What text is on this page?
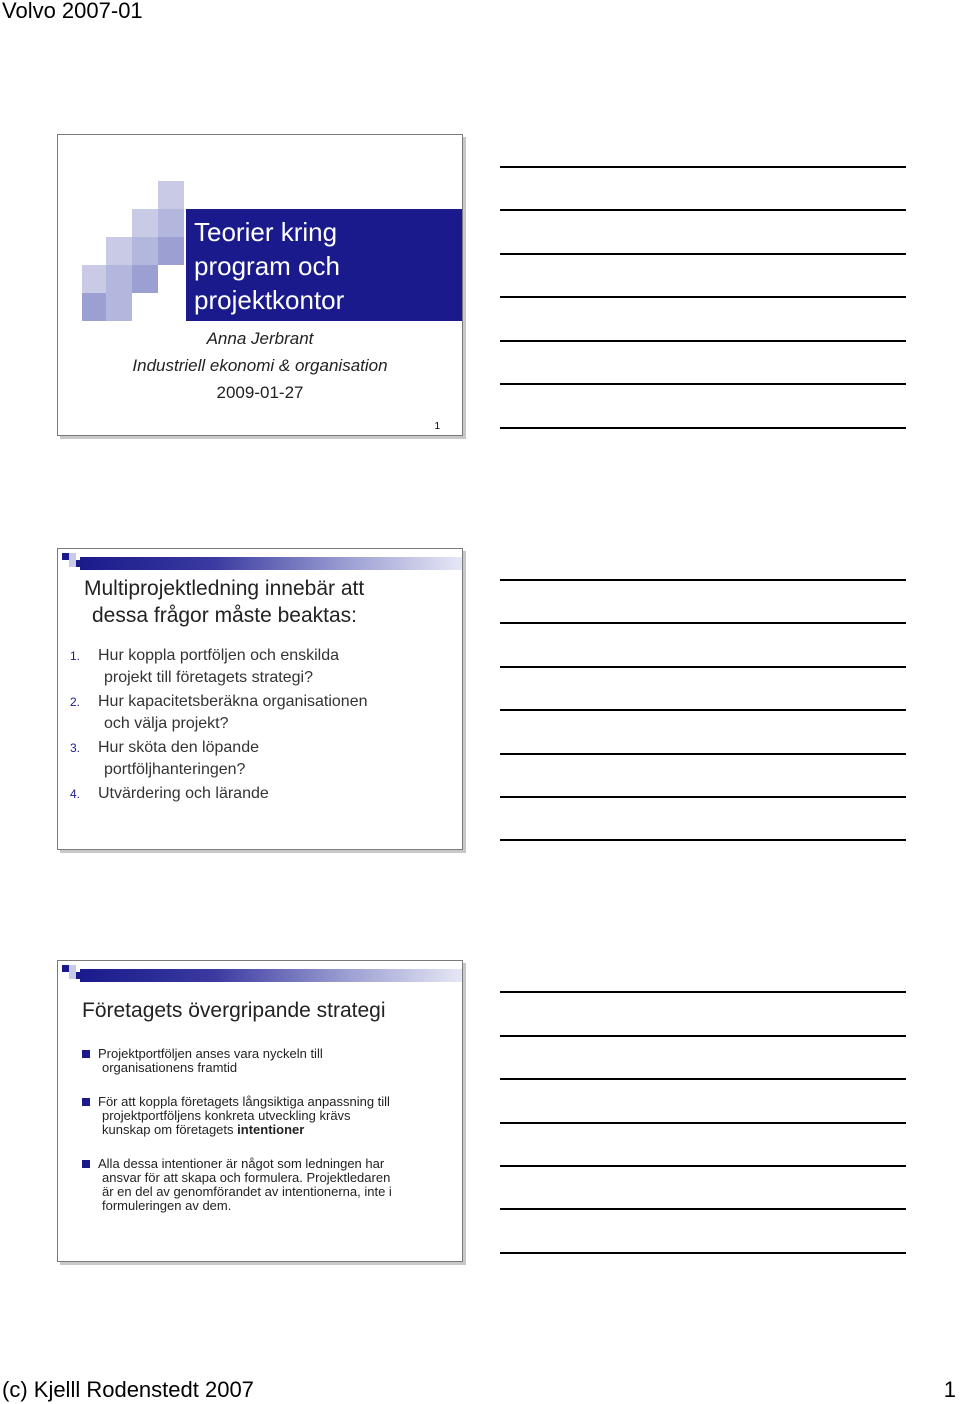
Volvo 2007-01
Teorier kring
program och
projektkontor
Anna Jerbrant
Industriell ekonomi & organisation
2009-01-27
1
Multiprojektledning innebär att
dessa frågor måste beaktas:
1. Hur koppla portföljen och enskilda
projekt till företagets strategi?
2. Hur kapacitetsberäkna organisationen
och välja projekt?
3. Hur sköta den löpande
portföljhanteringen?
4. Utvärdering och lärande
Företagets övergripande strategi
Projektportföljen anses vara nyckeln till
organisationens framtid
För att koppla företagets långsiktiga anpassning till
projektportföljens konkreta utveckling krävs
kunskap om företagets intentioner
Alla dessa intentioner är något som ledningen har
ansvar för att skapa och formulera. Projektledaren
är en del av genomförandet av intentionerna, inte i
formuleringen av dem.
(c) Kjelll Rodenstedt 2007	1
